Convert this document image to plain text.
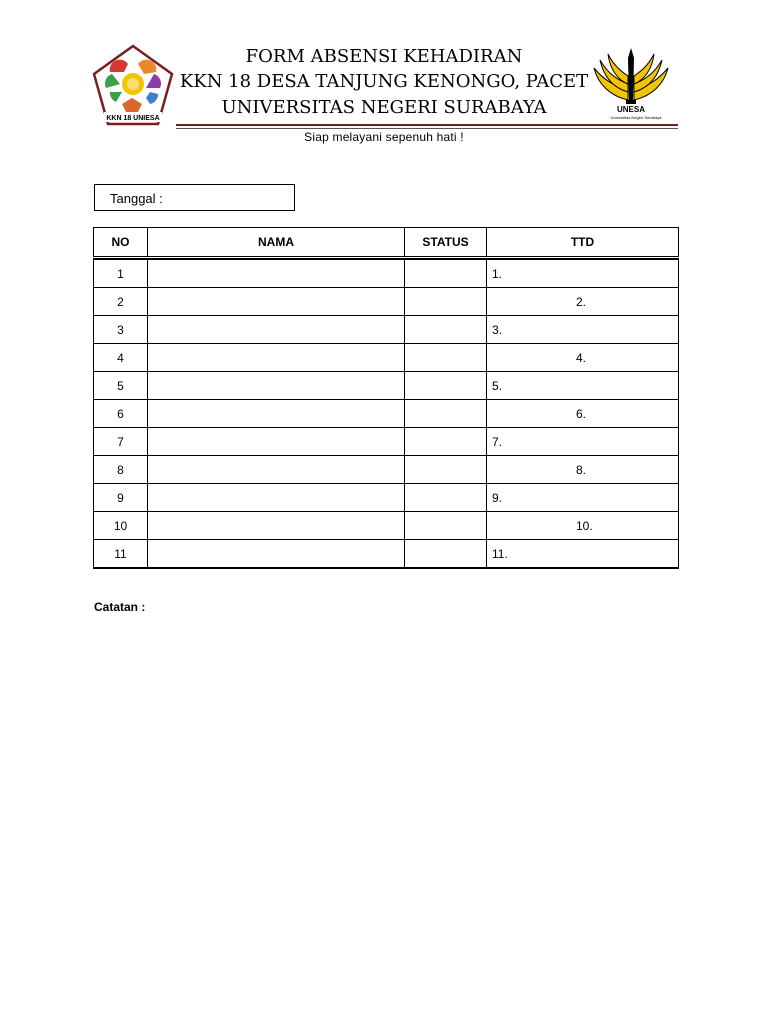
KKN 18 UNIESA
UNESA
Universitas Negeri Surabaya
FORM ABSENSI KEHADIRAN
KKN 18 DESA TANJUNG KENONGO, PACET
UNIVERSITAS NEGERI SURABAYA
Siap melayani sepenuh hati !
Tanggal :
NO	NAMA	STATUS	TTD

1			1.
2			2.
3			3.
4			4.
5			5.
6			6.
7			7.
8			8.
9			9.
10			10.
11			11.
Catatan :
